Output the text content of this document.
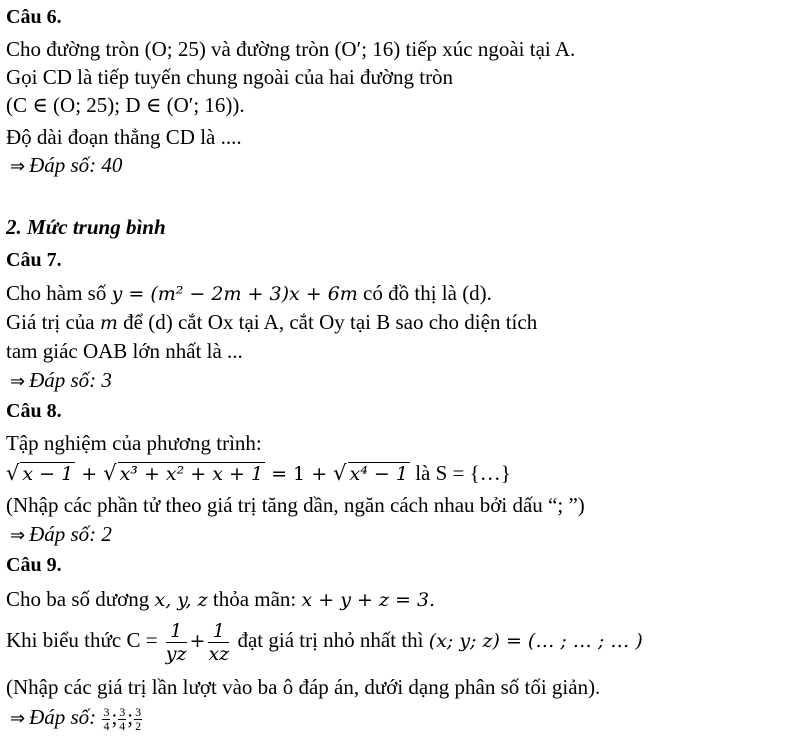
Câu 6.
Cho đường tròn (O; 25) và đường tròn (O′; 16) tiếp xúc ngoài tại A.
Gọi CD là tiếp tuyến chung ngoài của hai đường tròn
(C ∈ (O; 25); D ∈ (O′; 16)).
Độ dài đoạn thẳng CD là ....
⇒ Đáp số: 40
2. Mức trung bình
Câu 7.
Cho hàm số y = (m² − 2m + 3)x + 6m có đồ thị là (d).
Giá trị của m để (d) cắt Ox tại A, cắt Oy tại B sao cho diện tích
tam giác OAB lớn nhất là ...
⇒ Đáp số: 3
Câu 8.
Tập nghiệm của phương trình:
√ x − 1 + √ x³ + x² + x + 1 = 1 + √ x⁴ − 1 là S = {…}
(Nhập các phần tử theo giá trị tăng dần, ngăn cách nhau bởi dấu “; ”)
⇒ Đáp số: 2
Câu 9.
Cho ba số dương x, y, z thỏa mãn: x + y + z = 3.
Khi biểu thức $C = \frac{1}{yz} + \frac{1}{xz}$ đạt giá trị nhỏ nhất thì (x; y; z) = (… ; … ; … )
(Nhập các giá trị lần lượt vào ba ô đáp án, dưới dạng phân số tối giản).
⇒ Đáp số: $\frac{3}{4}$ ; $\frac{3}{4}$ ; $\frac{3}{2}$
